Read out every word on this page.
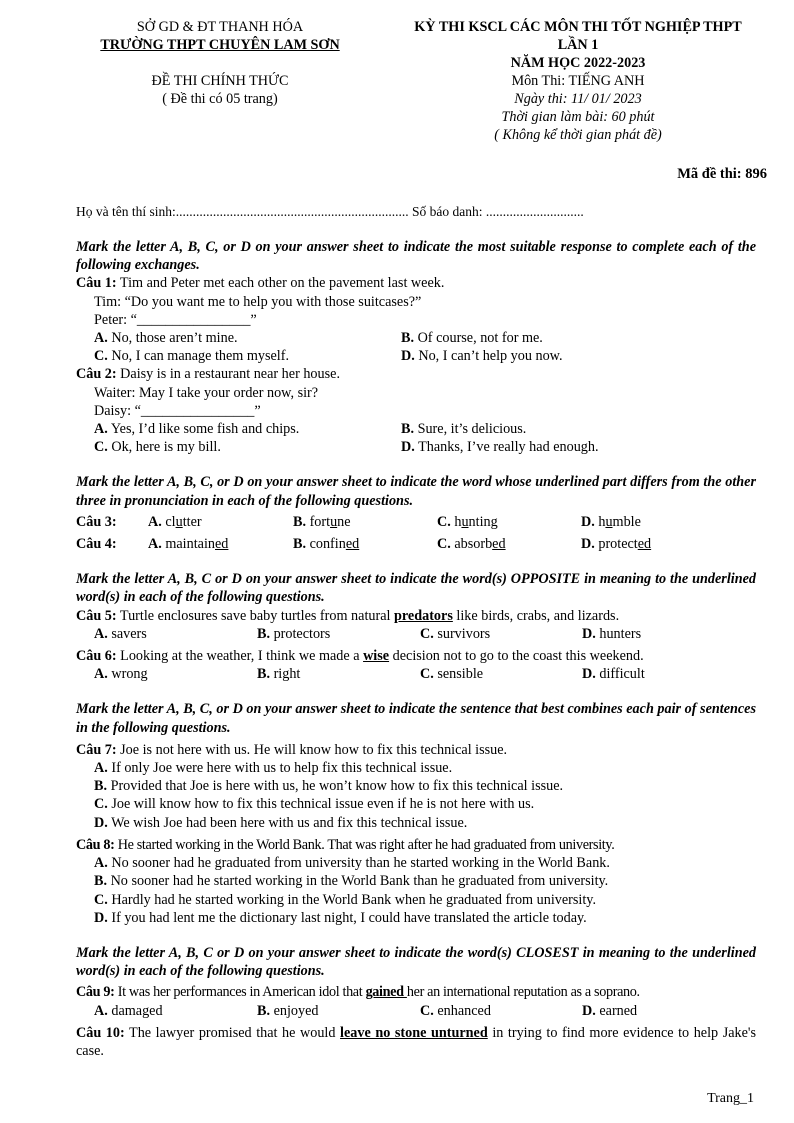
SỞ GD & ĐT THANH HÓA
TRƯỜNG THPT CHUYÊN LAM SƠN
ĐỀ THI CHÍNH THỨC
( Đề thi có 05 trang)
KỲ THI KSCL CÁC MÔN THI TỐT NGHIỆP THPT
LẦN 1
NĂM HỌC 2022-2023
Môn Thi: TIẾNG ANH
Ngày thi: 11/ 01/ 2023
Thời gian làm bài: 60 phút
( Không kể thời gian phát đề)
Mã đề thi: 896
Họ và tên thí sinh:..................................................................... Số báo danh: .............................
Mark the letter A, B, C, or D on your answer sheet to indicate the most suitable response to complete each of the following exchanges.
Câu 1: Tim and Peter met each other on the pavement last week.
Tim: “Do you want me to help you with those suitcases?”
Peter: “________________”
A. No, those aren’t mine.	B. Of course, not for me.
C. No, I can manage them myself.	D. No, I can’t help you now.
Câu 2: Daisy is in a restaurant near her house.
Waiter: May I take your order now, sir?
Daisy: “________________”
A. Yes, I’d like some fish and chips.	B. Sure, it’s delicious.
C. Ok, here is my bill.	D. Thanks, I’ve really had enough.
Mark the letter A, B, C, or D on your answer sheet to indicate the word whose underlined part differs from the other three in pronunciation in each of the following questions.
Câu 3:	A. clutter	B. fortune	C. hunting	D. humble
Câu 4:	A. maintained	B. confined	C. absorbed	D. protected
Mark the letter A, B, C or D on your answer sheet to indicate the word(s) OPPOSITE in meaning to the underlined word(s) in each of the following questions.
Câu 5: Turtle enclosures save baby turtles from natural predators like birds, crabs, and lizards.
A. savers	B. protectors	C. survivors	D. hunters
Câu 6: Looking at the weather, I think we made a wise decision not to go to the coast this weekend.
A. wrong	B. right	C. sensible	D. difficult
Mark the letter A, B, C, or D on your answer sheet to indicate the sentence that best combines each pair of sentences in the following questions.
Câu 7: Joe is not here with us. He will know how to fix this technical issue.
A. If only Joe were here with us to help fix this technical issue.
B. Provided that Joe is here with us, he won’t know how to fix this technical issue.
C. Joe will know how to fix this technical issue even if he is not here with us.
D. We wish Joe had been here with us and fix this technical issue.
Câu 8: He started working in the World Bank. That was right after he had graduated from university.
A. No sooner had he graduated from university than he started working in the World Bank.
B. No sooner had he started working in the World Bank than he graduated from university.
C. Hardly had he started working in the World Bank when he graduated from university.
D. If you had lent me the dictionary last night, I could have translated the article today.
Mark the letter A, B, C or D on your answer sheet to indicate the word(s) CLOSEST in meaning to the underlined word(s) in each of the following questions.
Câu 9: It was her performances in American idol that gained her an international reputation as a soprano.
A. damaged	B. enjoyed	C. enhanced	D. earned
Câu 10: The lawyer promised that he would leave no stone unturned in trying to find more evidence to help Jake's case.
Trang_1
